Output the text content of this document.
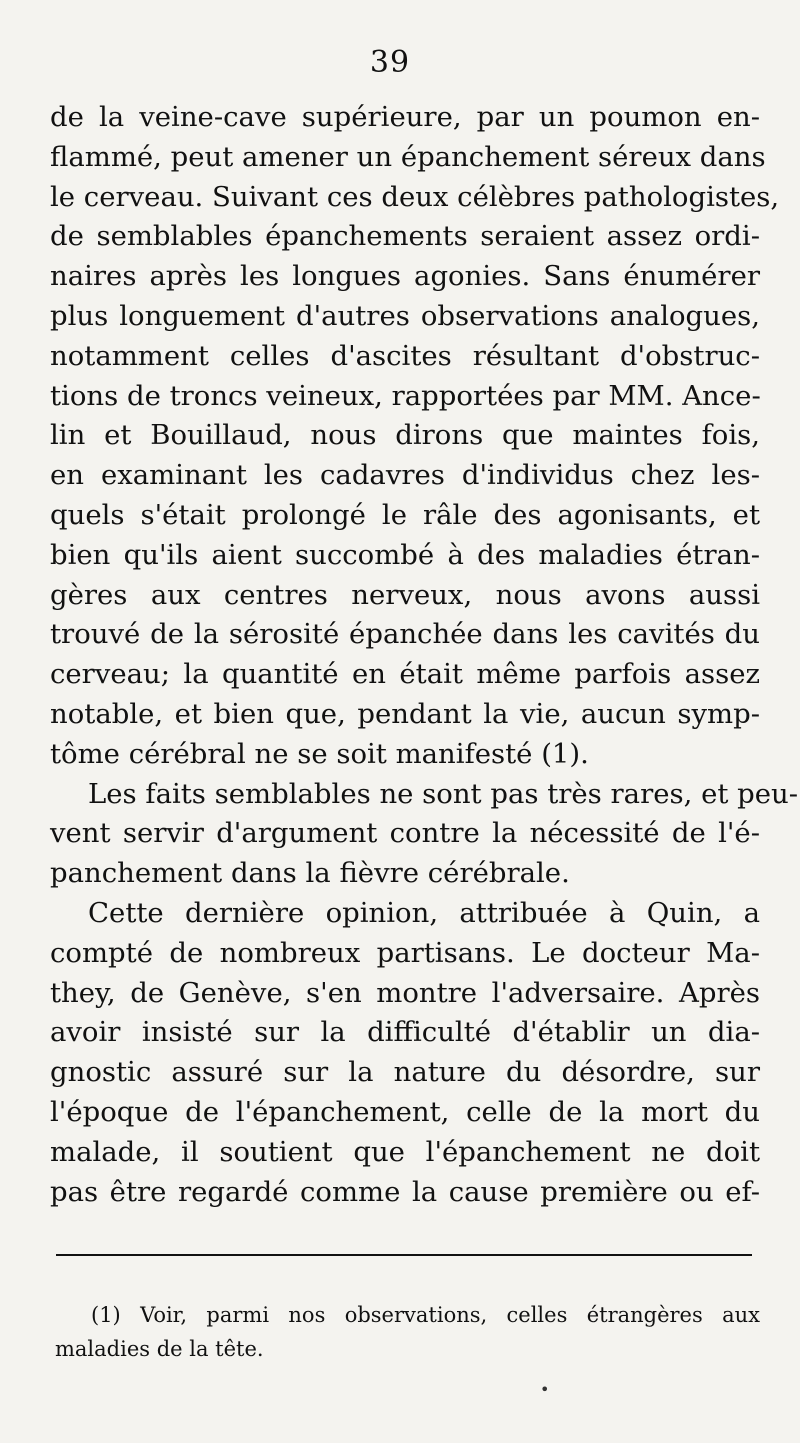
39
de la veine-cave supérieure, par un poumon en-
flammé, peut amener un épanchement séreux dans
le cerveau. Suivant ces deux célèbres pathologistes,
de semblables épanchements seraient assez ordi-
naires après les longues agonies. Sans énumérer
plus longuement d'autres observations analogues,
notamment celles d'ascites résultant d'obstruc-
tions de troncs veineux, rapportées par MM. Ance-
lin et Bouillaud, nous dirons que maintes fois,
en examinant les cadavres d'individus chez les-
quels s'était prolongé le râle des agonisants, et
bien qu'ils aient succombé à des maladies étran-
gères aux centres nerveux, nous avons aussi
trouvé de la sérosité épanchée dans les cavités du
cerveau; la quantité en était même parfois assez
notable, et bien que, pendant la vie, aucun symp-
tôme cérébral ne se soit manifesté (1).
Les faits semblables ne sont pas très rares, et peu-
vent servir d'argument contre la nécessité de l'é-
panchement dans la fièvre cérébrale.
Cette dernière opinion, attribuée à Quin, a
compté de nombreux partisans. Le docteur Ma-
they, de Genève, s'en montre l'adversaire. Après
avoir insisté sur la difficulté d'établir un dia-
gnostic assuré sur la nature du désordre, sur
l'époque de l'épanchement, celle de la mort du
malade, il soutient que l'épanchement ne doit
pas être regardé comme la cause première ou ef-
(1) Voir, parmi nos observations, celles étrangères aux
maladies de la tête.
•
